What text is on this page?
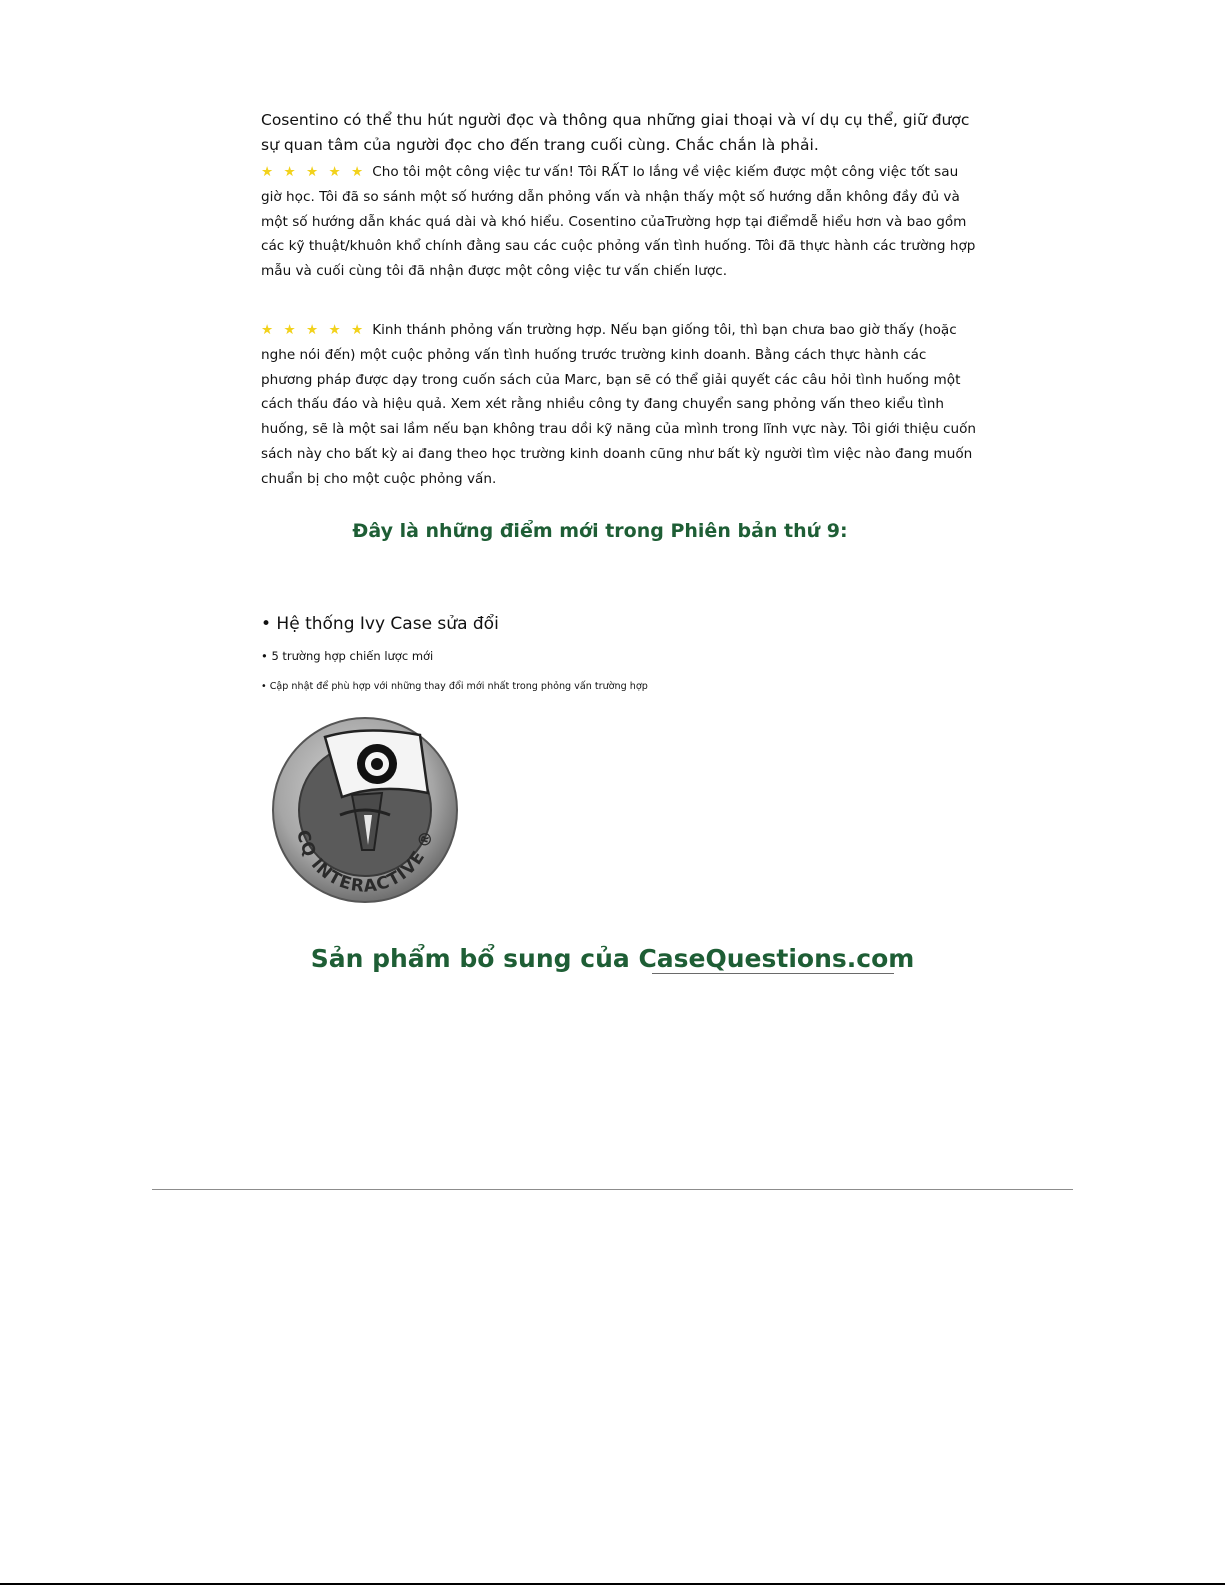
Cosentino có thể thu hút người đọc và thông qua những giai thoại và ví dụ cụ thể, giữ được sự quan tâm của người đọc cho đến trang cuối cùng. Chắc chắn là phải.

★ ★ ★ ★ ★ Cho tôi một công việc tư vấn! Tôi RẤT lo lắng về việc kiếm được một công việc tốt sau giờ học. Tôi đã so sánh một số hướng dẫn phỏng vấn và nhận thấy một số hướng dẫn không đầy đủ và một số hướng dẫn khác quá dài và khó hiểu. Cosentino củaTrường hợp tại điểmdễ hiểu hơn và bao gồm các kỹ thuật/khuôn khổ chính đằng sau các cuộc phỏng vấn tình huống. Tôi đã thực hành các trường hợp mẫu và cuối cùng tôi đã nhận được một công việc tư vấn chiến lược.

★ ★ ★ ★ ★ Kinh thánh phỏng vấn trường hợp. Nếu bạn giống tôi, thì bạn chưa bao giờ thấy (hoặc nghe nói đến) một cuộc phỏng vấn tình huống trước trường kinh doanh. Bằng cách thực hành các phương pháp được dạy trong cuốn sách của Marc, bạn sẽ có thể giải quyết các câu hỏi tình huống một cách thấu đáo và hiệu quả. Xem xét rằng nhiều công ty đang chuyển sang phỏng vấn theo kiểu tình huống, sẽ là một sai lầm nếu bạn không trau dồi kỹ năng của mình trong lĩnh vực này. Tôi giới thiệu cuốn sách này cho bất kỳ ai đang theo học trường kinh doanh cũng như bất kỳ người tìm việc nào đang muốn chuẩn bị cho một cuộc phỏng vấn.

Đây là những điểm mới trong Phiên bản thứ 9:

• Hệ thống Ivy Case sửa đổi

• 5 trường hợp chiến lược mới

• Cập nhật để phù hợp với những thay đổi mới nhất trong phỏng vấn trường hợp

CQ INTERACTIVE ®
Sản phẩm bổ sung của CaseQuestions.com
